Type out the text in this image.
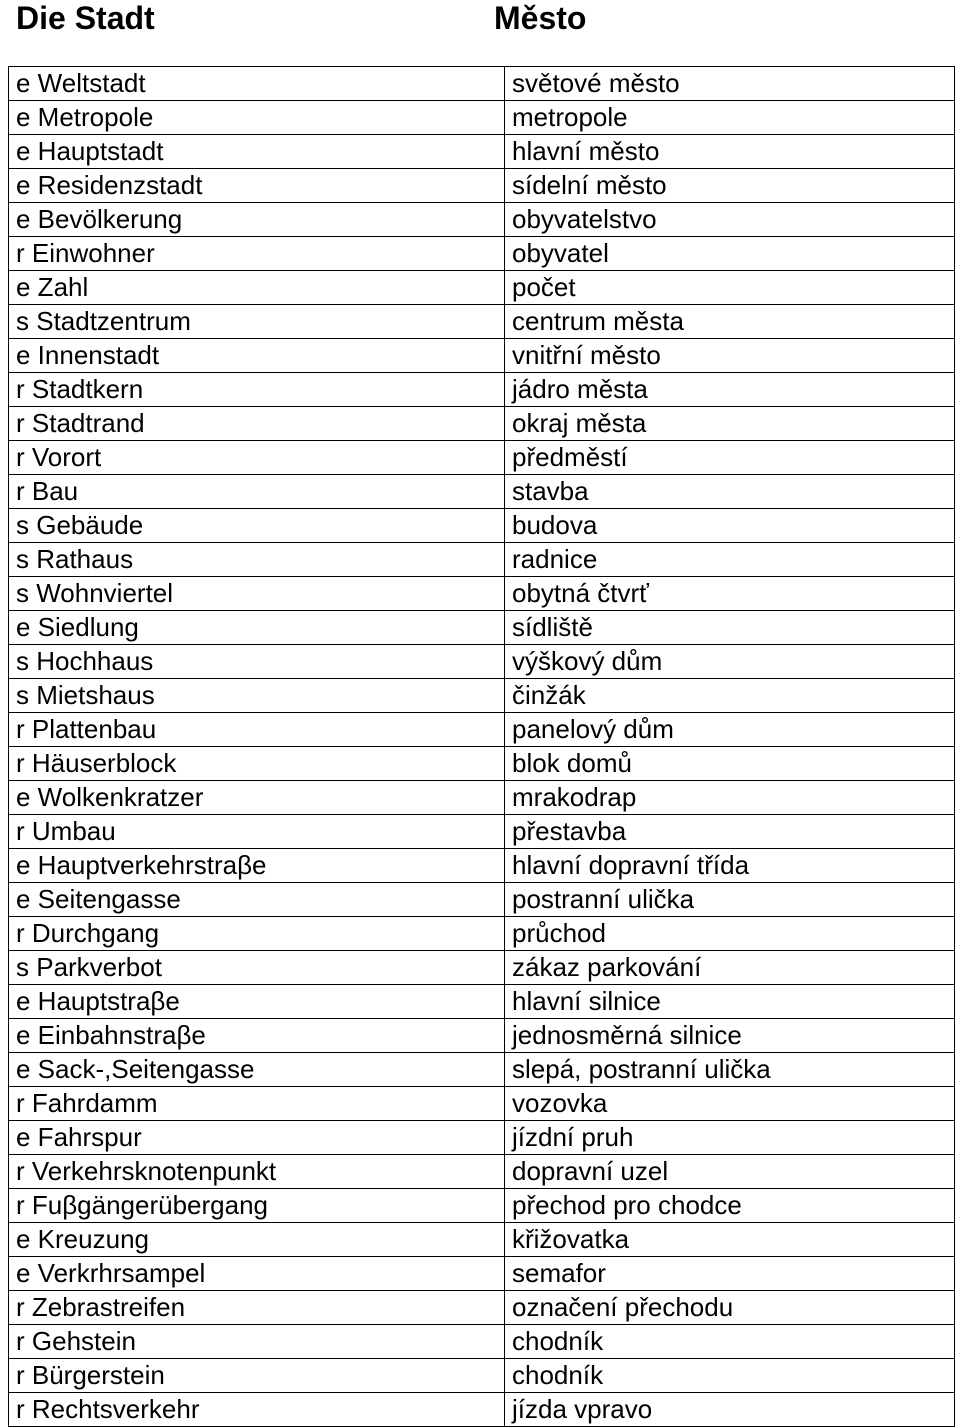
Die Stadt	Město
e Weltstadt	světové město
e Metropole	metropole
e Hauptstadt	hlavní město
e Residenzstadt	sídelní město
e Bevölkerung	obyvatelstvo
r Einwohner	obyvatel
e Zahl	počet
s Stadtzentrum	centrum města
e Innenstadt	vnitřní město
r Stadtkern	jádro města
r Stadtrand	okraj města
r Vorort	předměstí
r Bau	stavba
s Gebäude	budova
s Rathaus	radnice
s Wohnviertel	obytná čtvrť
e Siedlung	sídliště
s Hochhaus	výškový dům
s Mietshaus	činžák
r Plattenbau	panelový dům
r Häuserblock	blok domů
e Wolkenkratzer	mrakodrap
r Umbau	přestavba
e Hauptverkehrstraβe	hlavní dopravní třída
e Seitengasse	postranní ulička
r Durchgang	průchod
s Parkverbot	zákaz parkování
e Hauptstraβe	hlavní silnice
e Einbahnstraβe	jednosměrná silnice
e Sack-,Seitengasse	slepá, postranní ulička
r Fahrdamm	vozovka
e Fahrspur	jízdní pruh
r Verkehrsknotenpunkt	dopravní uzel
r Fuβgängerübergang	přechod pro chodce
e Kreuzung	křižovatka
e Verkrhrsampel	semafor
r Zebrastreifen	označení přechodu
r Gehstein	chodník
r Bürgerstein	chodník
r Rechtsverkehr	jízda vpravo
